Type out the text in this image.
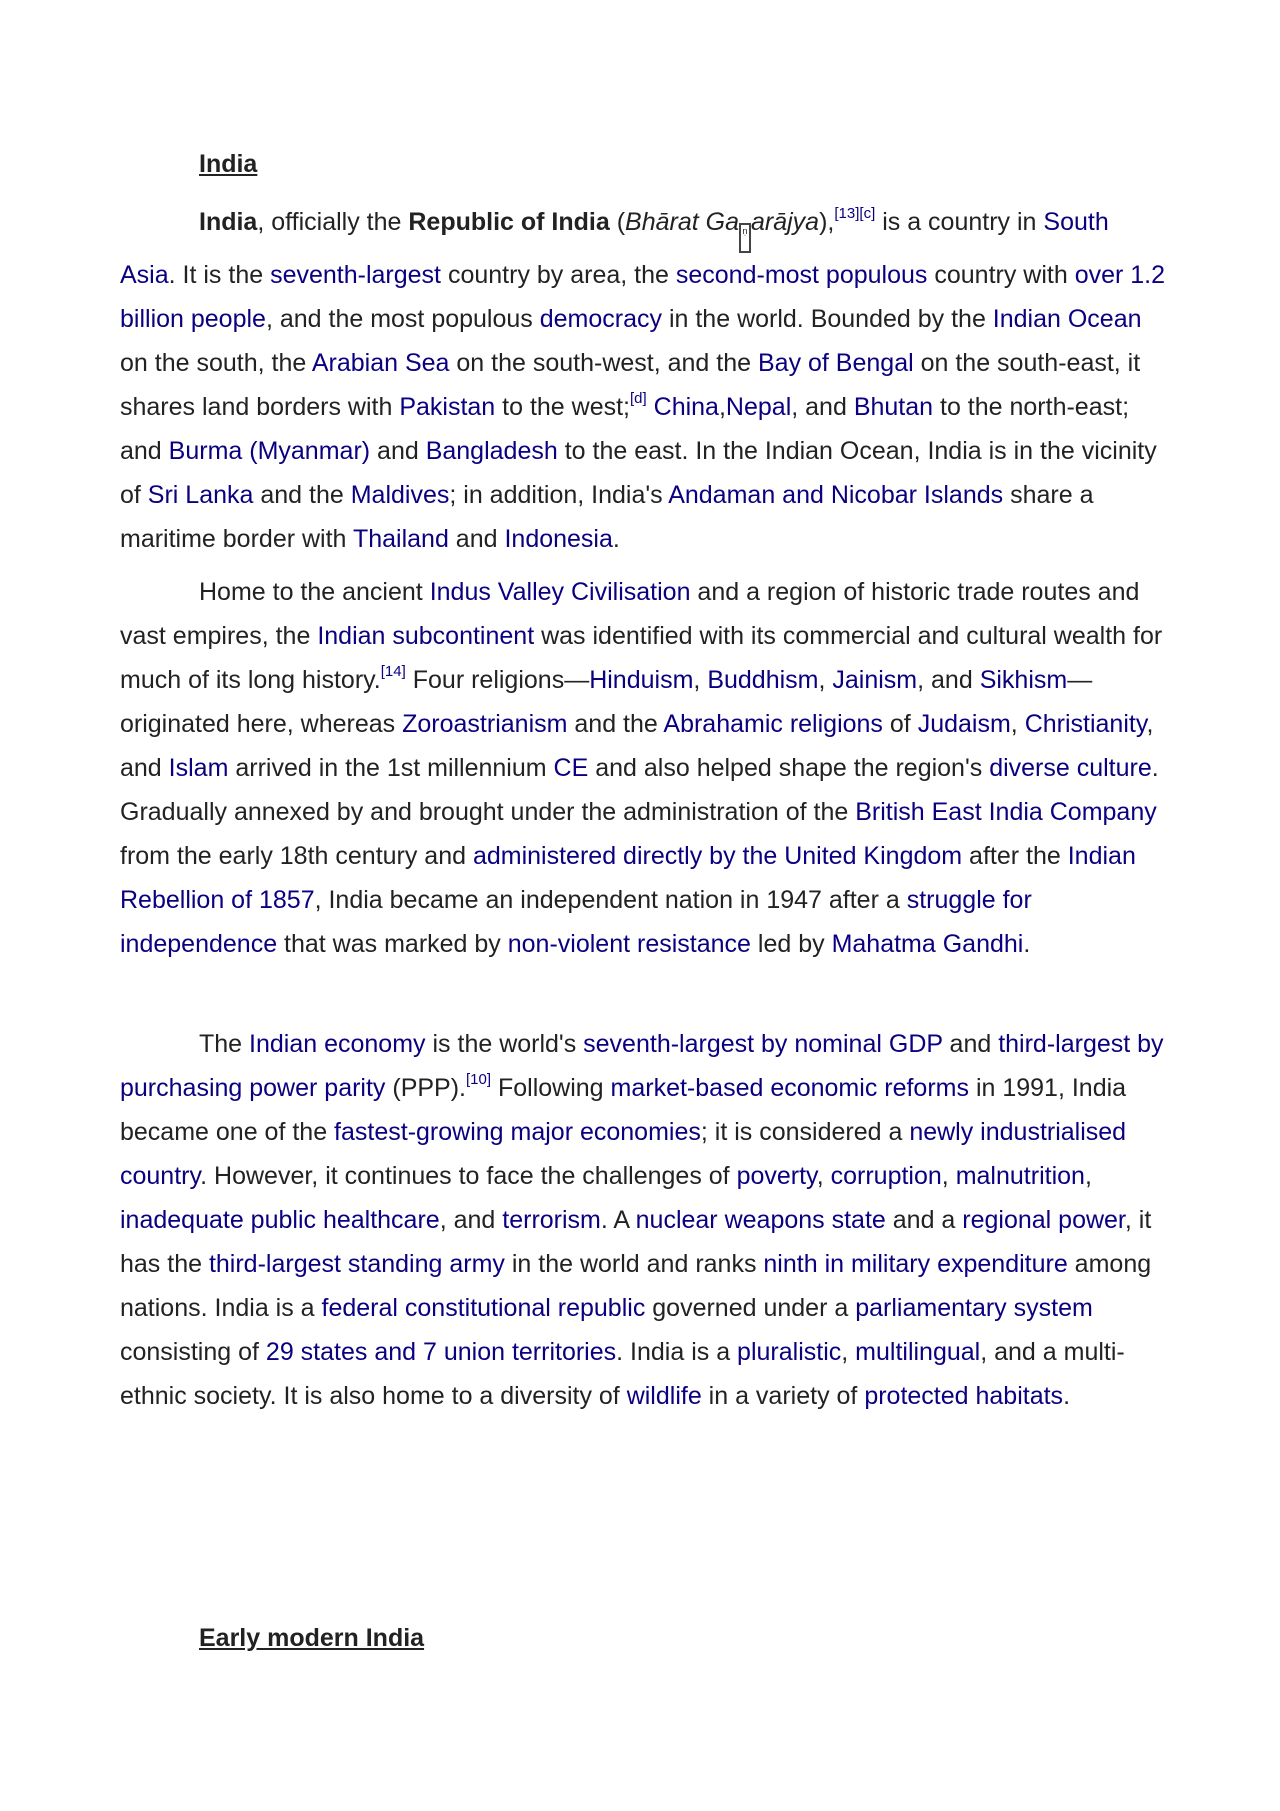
India

India, officially the Republic of India (Bhārat Ga ṇ arājya),[13][c] is a country in South Asia. It is the seventh-largest country by area, the second-most populous country with over 1.2 billion people, and the most populous democracy in the world. Bounded by the Indian Ocean on the south, the Arabian Sea on the south-west, and the Bay of Bengal on the south-east, it shares land borders with Pakistan to the west;[d] China,Nepal, and Bhutan to the north-east; and Burma (Myanmar) and Bangladesh to the east. In the Indian Ocean, India is in the vicinity of Sri Lanka and the Maldives; in addition, India's Andaman and Nicobar Islands share a maritime border with Thailand and Indonesia.

Home to the ancient Indus Valley Civilisation and a region of historic trade routes and vast empires, the Indian subcontinent was identified with its commercial and cultural wealth for much of its long history.[14] Four religions—Hinduism, Buddhism, Jainism, and Sikhism—originated here, whereas Zoroastrianism and the Abrahamic religions of Judaism, Christianity, and Islam arrived in the 1st millennium CE and also helped shape the region's diverse culture. Gradually annexed by and brought under the administration of the British East India Company from the early 18th century and administered directly by the United Kingdom after the Indian Rebellion of 1857, India became an independent nation in 1947 after a struggle for independence that was marked by non-violent resistance led by Mahatma Gandhi.

The Indian economy is the world's seventh-largest by nominal GDP and third-largest by purchasing power parity (PPP).[10] Following market-based economic reforms in 1991, India became one of the fastest-growing major economies; it is considered a newly industrialised country. However, it continues to face the challenges of poverty, corruption, malnutrition, inadequate public healthcare, and terrorism. A nuclear weapons state and a regional power, it has the third-largest standing army in the world and ranks ninth in military expenditure among nations. India is a federal constitutional republic governed under a parliamentary system consisting of 29 states and 7 union territories. India is a pluralistic, multilingual, and a multi-ethnic society. It is also home to a diversity of wildlife in a variety of protected habitats.

Early modern India
